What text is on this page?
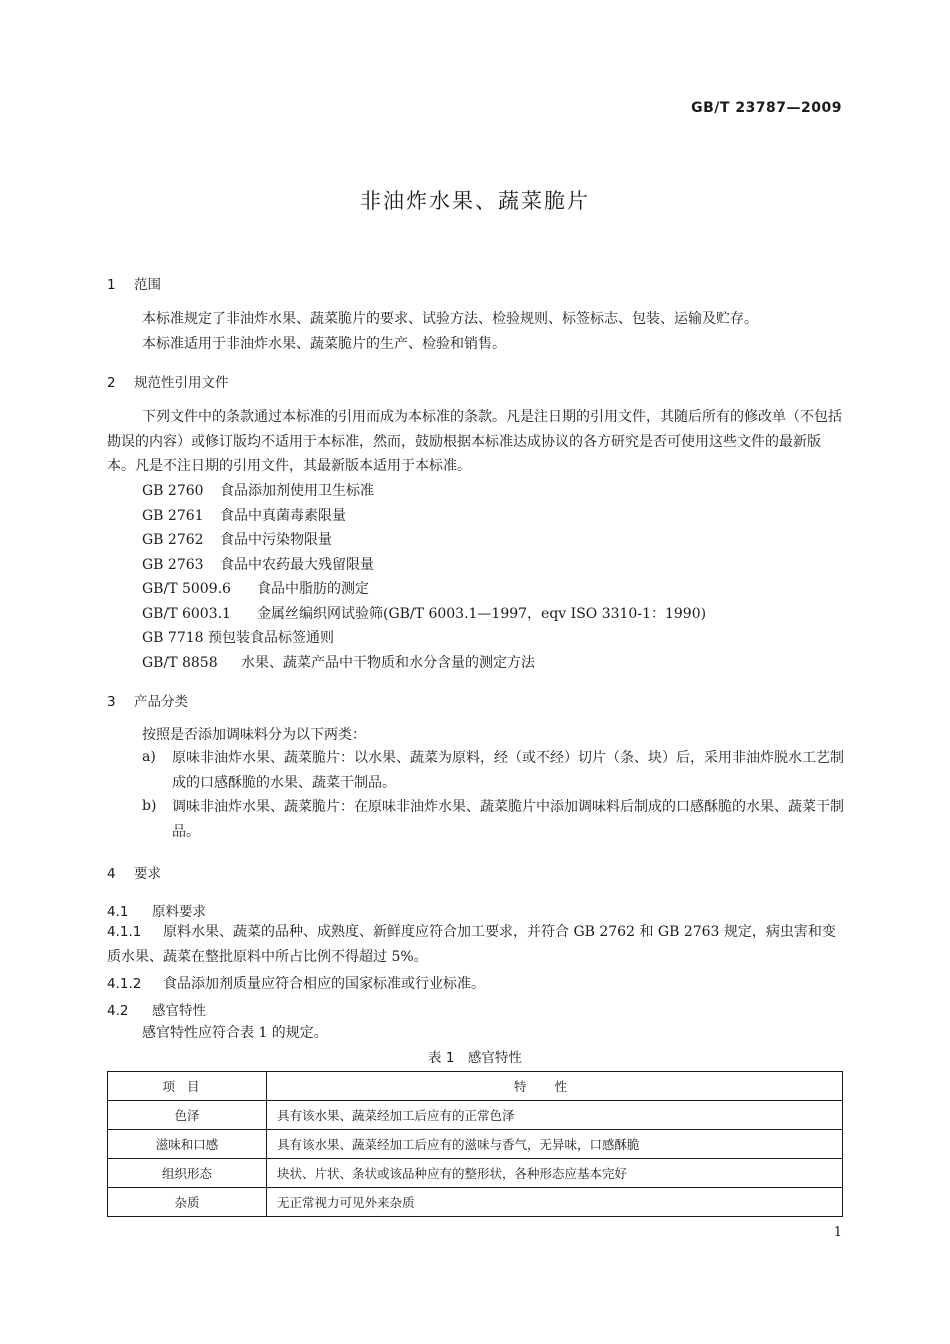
GB/T 23787—2009
非油炸水果、蔬菜脆片
1 范围
本标准规定了非油炸水果、蔬菜脆片的要求、试验方法、检验规则、标签标志、包装、运输及贮存。
本标准适用于非油炸水果、蔬菜脆片的生产、检验和销售。
2 规范性引用文件
下列文件中的条款通过本标准的引用而成为本标准的条款。凡是注日期的引用文件，其随后所有的修改单（不包括勘误的内容）或修订版均不适用于本标准，然而，鼓励根据本标准达成协议的各方研究是否可使用这些文件的最新版本。凡是不注日期的引用文件，其最新版本适用于本标准。
GB 2760 食品添加剂使用卫生标准
GB 2761 食品中真菌毒素限量
GB 2762 食品中污染物限量
GB 2763 食品中农药最大残留限量
GB/T 5009.6 食品中脂肪的测定
GB/T 6003.1 金属丝编织网试验筛(GB/T 6003.1—1997，eqv ISO 3310-1：1990)
GB 7718 预包装食品标签通则
GB/T 8858 水果、蔬菜产品中干物质和水分含量的测定方法
3 产品分类
按照是否添加调味料分为以下两类：
a) 原味非油炸水果、蔬菜脆片：以水果、蔬菜为原料，经（或不经）切片（条、块）后，采用非油炸脱水工艺制成的口感酥脆的水果、蔬菜干制品。
b) 调味非油炸水果、蔬菜脆片：在原味非油炸水果、蔬菜脆片中添加调味料后制成的口感酥脆的水果、蔬菜干制品。
4 要求
4.1 原料要求
4.1.1 原料水果、蔬菜的品种、成熟度、新鲜度应符合加工要求，并符合 GB 2762 和 GB 2763 规定，病虫害和变质水果、蔬菜在整批原料中所占比例不得超过 5%。
4.1.2 食品添加剂质量应符合相应的国家标准或行业标准。
4.2 感官特性
感官特性应符合表 1 的规定。
表 1　感官特性
项目	特性
色泽	具有该水果、蔬菜经加工后应有的正常色泽
滋味和口感	具有该水果、蔬菜经加工后应有的滋味与香气，无异味，口感酥脆
组织形态	块状、片状、条状或该品种应有的整形状，各种形态应基本完好
杂质	无正常视力可见外来杂质
1
